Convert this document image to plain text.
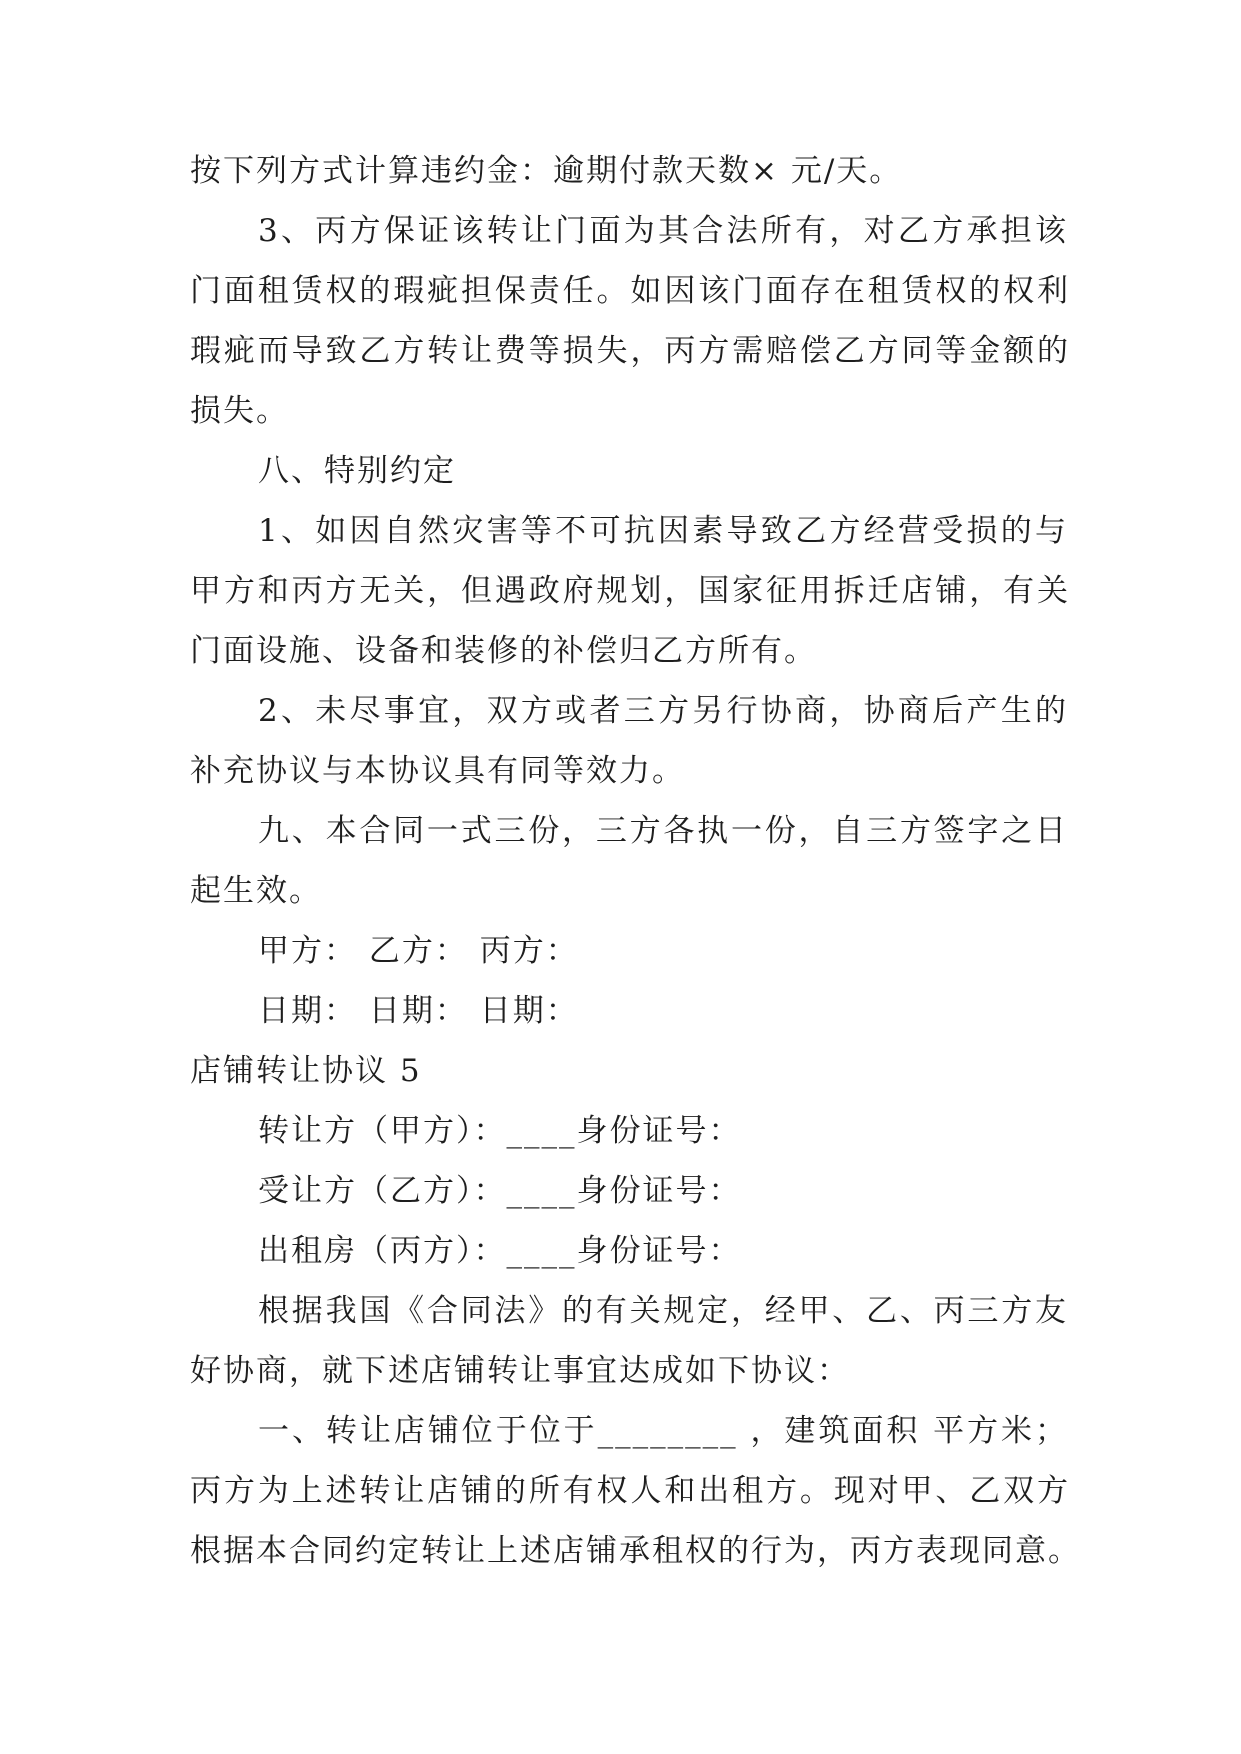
按下列方式计算违约金：逾期付款天数× 元/天。
3、丙方保证该转让门面为其合法所有，对乙方承担该
门面租赁权的瑕疵担保责任。如因该门面存在租赁权的权利
瑕疵而导致乙方转让费等损失，丙方需赔偿乙方同等金额的
损失。
八、特别约定
1、如因自然灾害等不可抗因素导致乙方经营受损的与
甲方和丙方无关，但遇政府规划，国家征用拆迁店铺，有关
门面设施、设备和装修的补偿归乙方所有。
2、未尽事宜，双方或者三方另行协商，协商后产生的
补充协议与本协议具有同等效力。
九、本合同一式三份，三方各执一份，自三方签字之日
起生效。
甲方： 乙方： 丙方：
日期： 日期： 日期：
店铺转让协议 5
转让方（甲方）：____身份证号：
受让方（乙方）：____身份证号：
出租房（丙方）：____身份证号：
根据我国《合同法》的有关规定，经甲、乙、丙三方友
好协商，就下述店铺转让事宜达成如下协议：
一、转让店铺位于位于________ ，建筑面积 平方米；
丙方为上述转让店铺的所有权人和出租方。现对甲、乙双方
根据本合同约定转让上述店铺承租权的行为，丙方表现同意。
